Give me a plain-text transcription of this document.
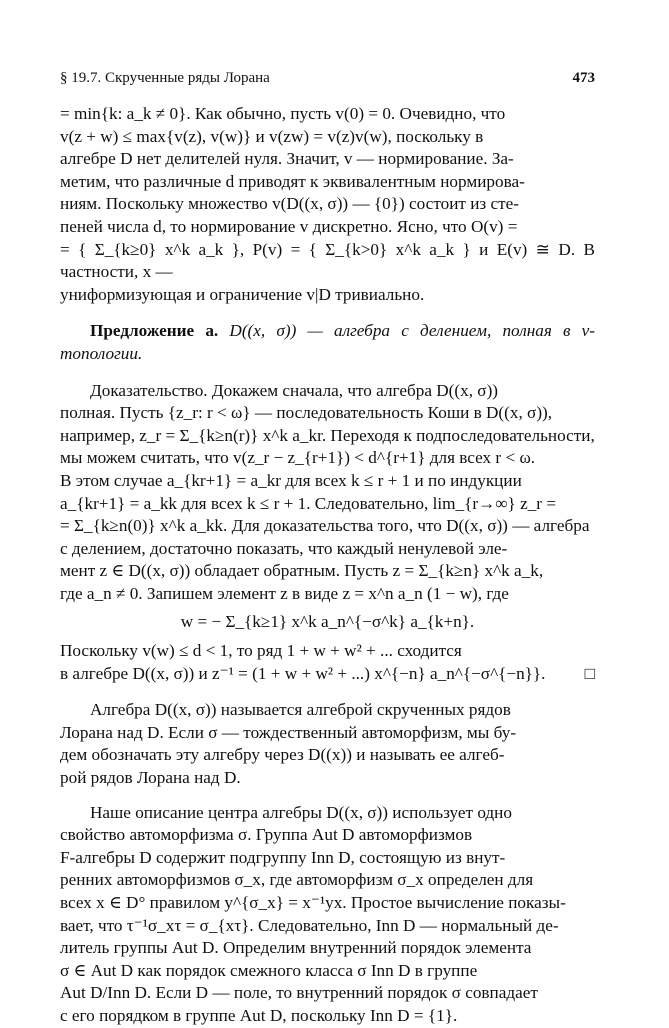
§ 19.7. Скрученные ряды Лорана	473

= min{k: a_k ≠ 0}. Как обычно, пусть v(0) = 0. Очевидно, что
v(z + w) ≤ max{v(z), v(w)} и v(zw) = v(z)v(w), поскольку в
алгебре D нет делителей нуля. Значит, v — нормирование. За-
метим, что различные d приводят к эквивалентным нормирова-
ниям. Поскольку множество v(D((x, σ)) — {0}) состоит из сте-
пеней числа d, то нормирование v дискретно. Ясно, что O(v) =
= { Σ_{k≥0} x^k a_k }, P(v) = { Σ_{k>0} x^k a_k } и E(v) ≅ D. В частности, x —
униформизующая и ограничение v|D тривиально.

Предложение а. D((x, σ)) — алгебра с делением, полная в v-топологии.

Доказательство. Докажем сначала, что алгебра D((x, σ))
полная. Пусть {z_r: r < ω} — последовательность Коши в D((x, σ)),
например, z_r = Σ_{k≥n(r)} x^k a_kr. Переходя к подпоследовательности,
мы можем считать, что v(z_r − z_{r+1}) < d^{r+1} для всех r < ω.
В этом случае a_{kr+1} = a_kr для всех k ≤ r + 1 и по индукции
a_{kr+1} = a_kk для всех k ≤ r + 1. Следовательно, lim_{r→∞} z_r =
= Σ_{k≥n(0)} x^k a_kk. Для доказательства того, что D((x, σ)) — алгебра
с делением, достаточно показать, что каждый ненулевой эле-
мент z ∈ D((x, σ)) обладает обратным. Пусть z = Σ_{k≥n} x^k a_k,
где a_n ≠ 0. Запишем элемент z в виде z = x^n a_n (1 − w), где

w = − Σ_{k≥1} x^k a_n^{−σ^k} a_{k+n}.

Поскольку v(w) ≤ d < 1, то ряд 1 + w + w² + ... сходится
в алгебре D((x, σ)) и z⁻¹ = (1 + w + w² + ...) x^{−n} a_n^{−σ^{−n}}. □

Алгебра D((x, σ)) называется алгеброй скрученных рядов
Лорана над D. Если σ — тождественный автоморфизм, мы бу-
дем обозначать эту алгебру через D((x)) и называть ее алгеб-
рой рядов Лорана над D.

Наше описание центра алгебры D((x, σ)) использует одно
свойство автоморфизма σ. Группа Aut D автоморфизмов
F-алгебры D содержит подгруппу Inn D, состоящую из внут-
ренних автоморфизмов σ_x, где автоморфизм σ_x определен для
всех x ∈ D° правилом y^{σ_x} = x⁻¹yx. Простое вычисление показы-
вает, что τ⁻¹σ_xτ = σ_{xτ}. Следовательно, Inn D — нормальный де-
литель группы Aut D. Определим внутренний порядок элемента
σ ∈ Aut D как порядок смежного класса σ Inn D в группе
Aut D/Inn D. Если D — поле, то внутренний порядок σ совпадает
с его порядком в группе Aut D, поскольку Inn D = {1}.
